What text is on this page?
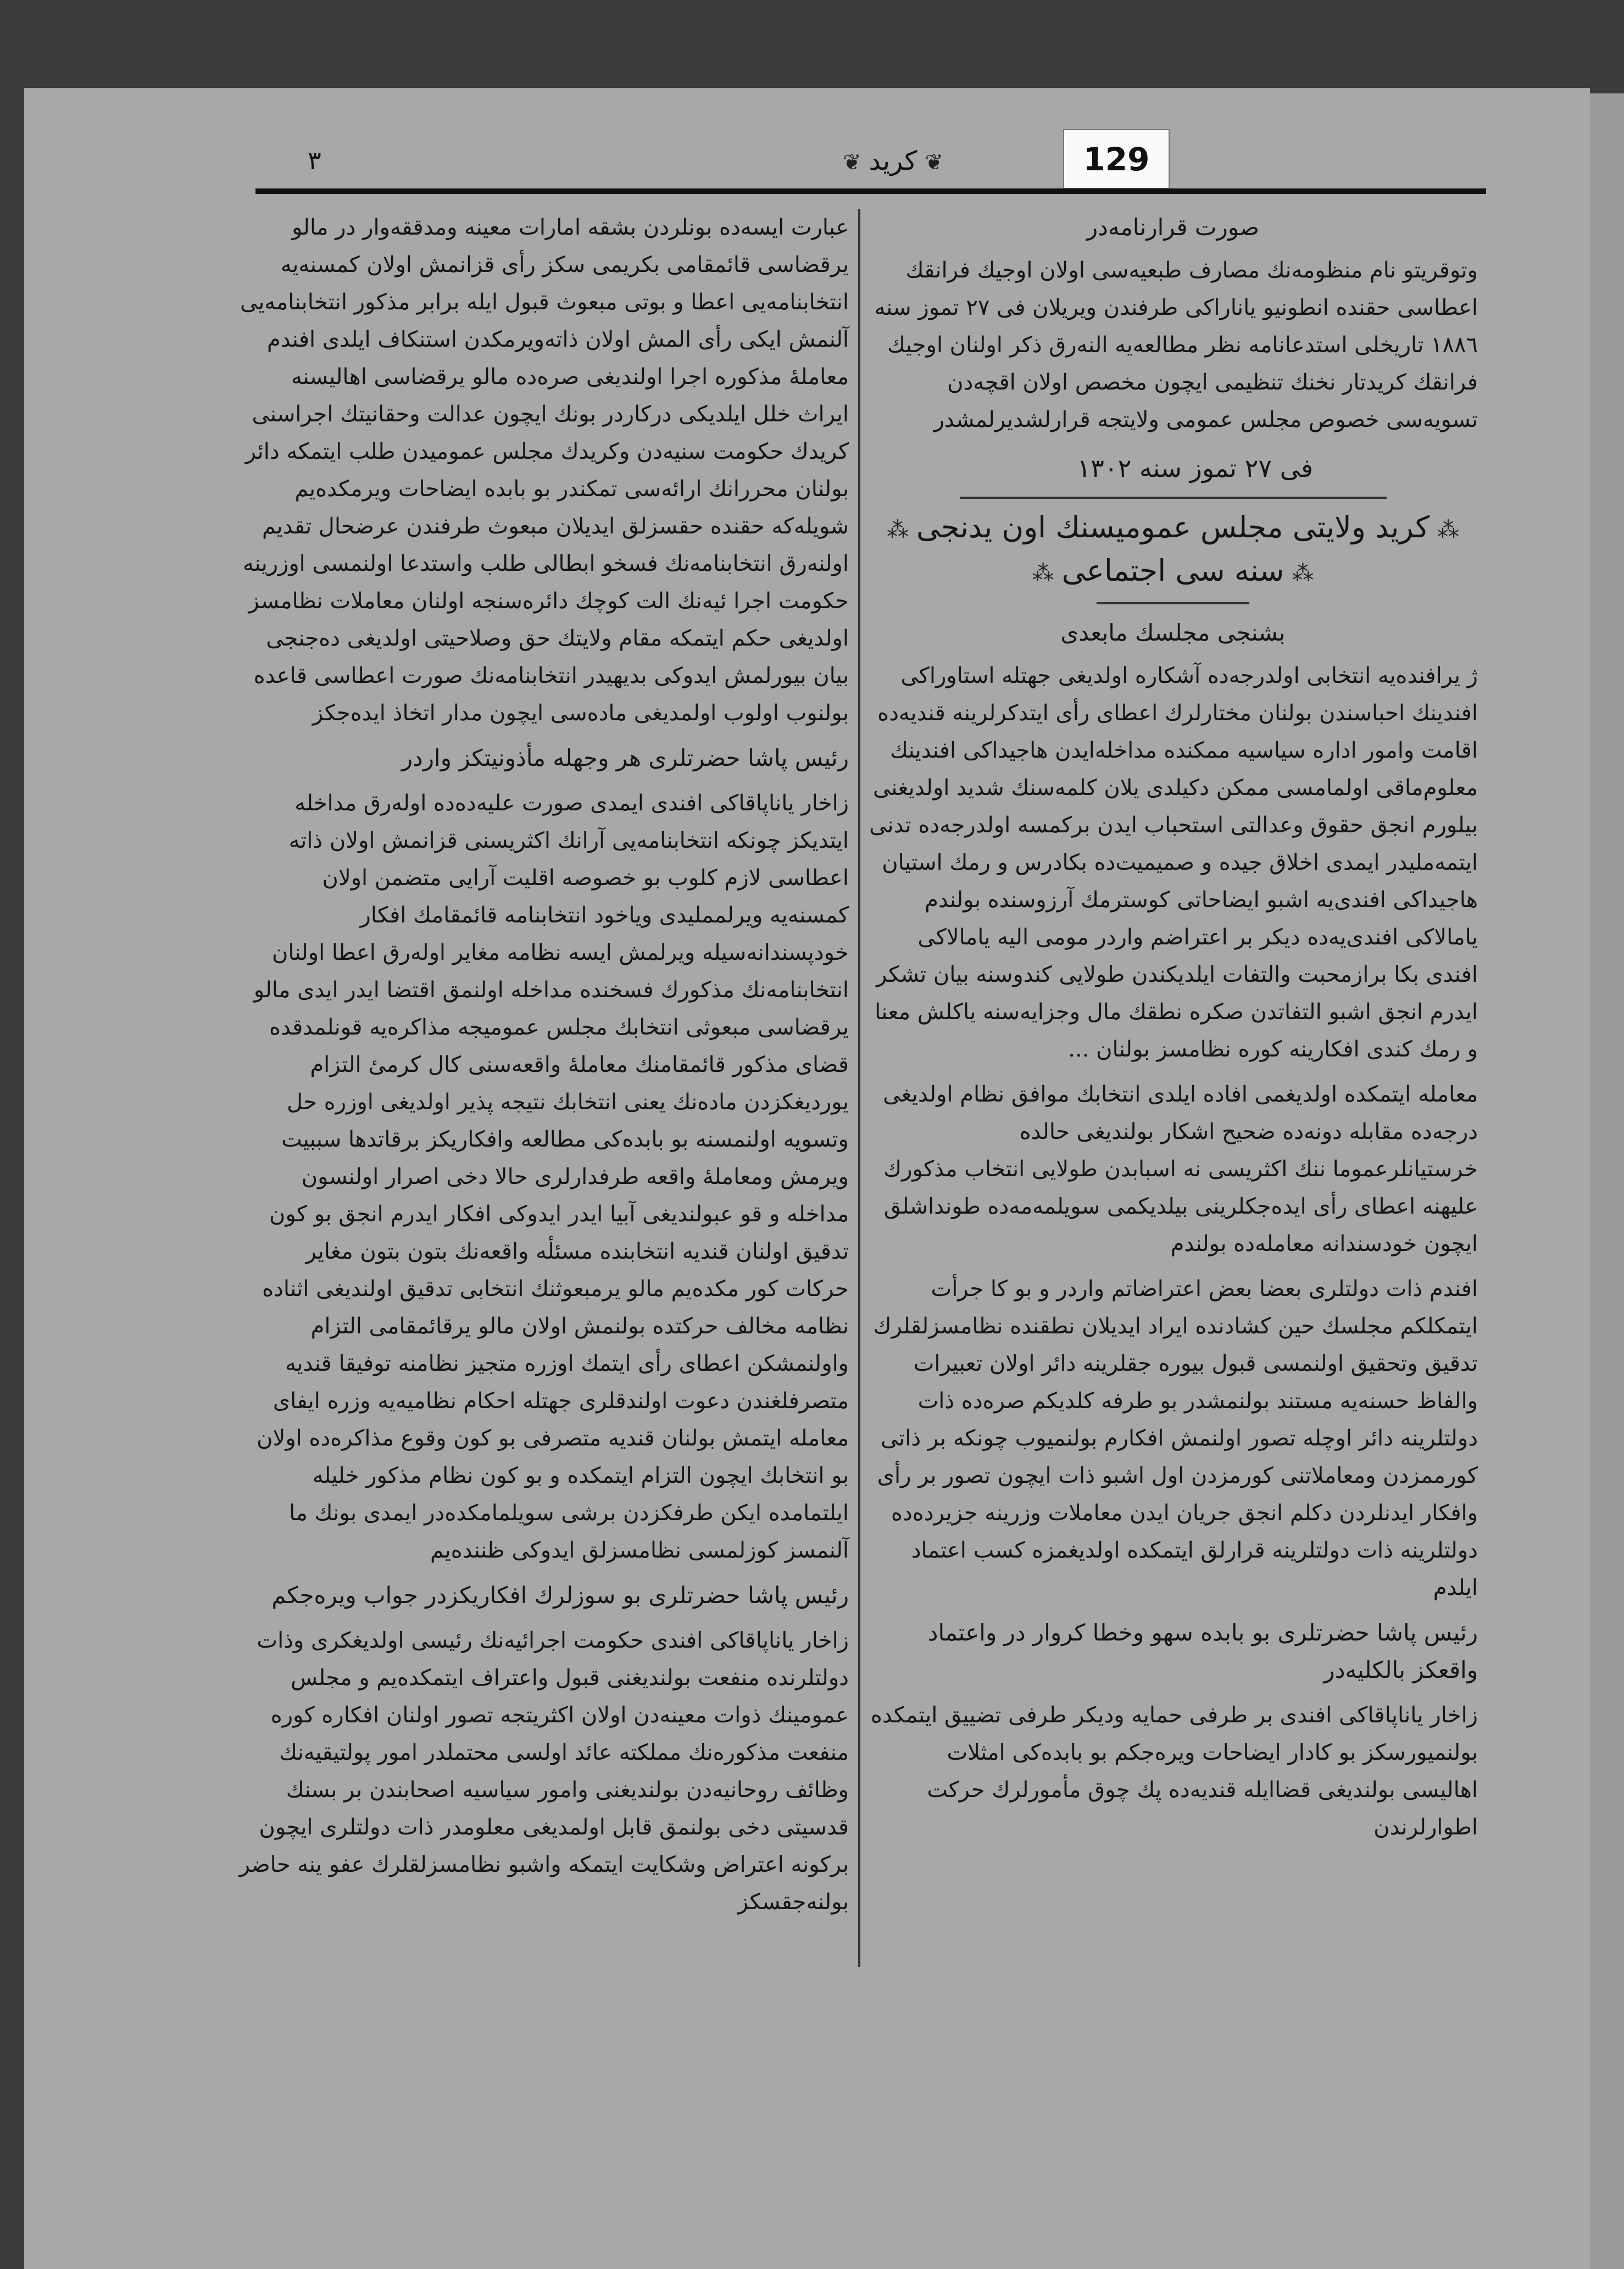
٣	❦كريد❦	129
صورت قرارنامه‌در

وتوقریتو نام منظومه‌نك مصارف طبعیه‌سی اولان اوجیك فرانقك اعطاسی حقنده انطونیو یاناراكی طرفندن ویریلان فی ٢٧ تموز سنه ١٨٨٦ تاریخلی استدعانامه نظر مطالعه‌یه النه‌رق ذكر اولنان اوجیك فرانقك كریدتار نخنك تنظیمی ایچون مخصص اولان اقچه‌دن تسویه‌سی خصوص مجلس عمومی‌ ولایتجه قرارلشدیرلمشدر

فی ٢٧ تموز سنه ١٣٠٢
⁂كريد ولايتى مجلس عموميسنك اون يدنجى⁂
⁂سنه سى اجتماعى⁂
بشنجى مجلسك مابعدى

ژ یرافنده‌یه انتخابی اولدرجه‌ده آشكاره اولدیغی جهتله استاوراكی افندینك احباسندن بولنان مختارلرك اعطای رأی ایتدكرلرینه قندیه‌ده اقامت وامور اداره‌ سیاسیه‌ ممكنده مداخله‌ایدن هاجیداكی افندینك معلوم‌ماقی اولمامسی ممكن دكیلدی یلان كلمه‌سنك شدید اولدیغنی بیلورم انجق حقوق وعدالتی استحباب ایدن بركمسه اولدرجه‌ده تدنی ایتمه‌ملیدر ایمدی اخلاق جیده‌ و صمیمیت‌ده بكادرس و رمك استیان هاجیداكی افندی‌یه اشبو ایضاحاتی كوسترمك آرزوسنده بولندم یامالاكی افندی‌یه‌ده‌ دیكر بر اعتراضم واردر مومی الیه یامالاكی افندی بكا برازمحبت والتفات ایلدیكندن طولایی كندوسنه بیان تشكر ایدرم انجق اشبو التفاتدن صكره نطقك مال وجزایه‌سنه یاكلش معنا و رمك كندی افكارینه كوره نظامسز بولنان ...

معامله ایتمكده اولدیغمی افاده ایلدی انتخابك موافق نظام اولدیغی درجه‌ده مقابله دونه‌ده ضحیح اشكار بولندیغی حالده خرستیانلرعموما ننك اكثریسی نه اسبابدن طولایی انتخاب مذكورك علیهنه اعطای رأی ایده‌جكلرینی بیلدیكمی سویلمه‌مه‌ده‌ طونداشلق ایچون خودسندانه معامله‌ده بولندم

افندم ذات دولتلری بعضا بعض اعتراضاتم واردر و بو كا جرأت ایتمكلكم مجلسك حین كشادنده ایراد ایدیلان نطقنده نظامسزلقلرك تدقیق وتحقیق اولنمسی قبول بیوره جقلرینه دائر اولان تعبیرات والفاظ حسنه‌یه مستند بولنمشدر بو طرفه‌ كلدیكم صره‌ده ذات دولتلرینه دائر اوچله تصور اولنمش افكارم بولنمیوب چونكه بر ذاتی كورممزدن ومعاملاتنی كورمزدن اول اشبو ذات ایچون تصور بر رأی وافكار ایدنلردن دكلم انجق جریان ایدن معاملات وزرینه جزیرده‌ده دولتلرینه ذات دولتلرینه قرارلق ایتمكده اولدیغمزه كسب اعتماد ایلدم

رئیس پاشا حضرتلری بو بابده‌ سهو وخطا كروار در واعتماد واقعكز بالكلیه‌در

زاخار یاناپاقاكی افندی بر طرفی حمایه ودیكر طرفی تضییق ایتمكده بولنمیورسكز بو كادار ایضاحات ویره‌جكم بو بابده‌كی امثلات اهالیسی بولندیغی قضاایله قندیه‌ده پك چوق مأمورلرك حركت اطوارلرندن

عبارت ایسه‌ده بونلردن بشقه امارات معینه ومدققه‌وار در مالو یرقضاسی قائمقامی بكریمی سكز رأی قزانمش اولان كمسنه‌یه انتخابنامه‌یی اعطا و بوتی مبعوث قبول ایله برابر مذكور انتخابنامه‌یی آلنمش ایکی رأی المش اولان ذاته‌ویرمكدن استنكاف ایلدی افندم معامله‌ٔ مذكوره اجرا اولندیغی صره‌ده مالو یرقضاسی اهالیسنه ایراث خلل ایلدیكی دركاردر بونك ایچون عدالت وحقانیتك اجراسنی كریدك حكومت سنیه‌دن وكریدك مجلس عمومیدن طلب ایتمكه دائر بولنان محررانك ارائه‌سی تمكندر بو بابده ایضاحات ویرمكده‌یم شویله‌كه حقنده حقسزلق ایدیلان مبعوث طرفندن عرضحال تقدیم اولنه‌رق انتخابنامه‌نك فسخو ابطالی طلب واستدعا اولنمسی اوزرینه حكومت اجرا ئیه‌نك الت كوچك دائره‌سنجه اولنان معاملات نظامسز اولدیغی حكم ایتمكه مقام ولایتك حق وصلاحیتی اولدیغی ده‌جنجی بیان بیورلمش ایدوكی بدیهیدر انتخابنامه‌نك صورت اعطاسی قاعده‌ بولنوب اولوب اولمدیغی ماده‌سی ایچون مدار اتخاذ ایده‌جكز

رئیس پاشا حضرتلری هر وجهله مأذونیتكز واردر

زاخار یاناپاقاكی افندی ایمدی صورت علیه‌ده‌ده اوله‌رق مداخله ایتدیكز چونكه انتخابنامه‌یی آرانك اكثریسنی قزانمش اولان ذاته اعطاسی لازم كلوب بو خصوصه اقلیت آرایی متضمن اولان كمسنه‌یه ویرلمملیدی ویاخود انتخابنامه قائمقامك افكار خودپسندانه‌سیله ویرلمش ایسه نظامه مغایر اوله‌رق اعطا اولنان انتخابنامه‌نك مذكورك فسخنده مداخله اولنمق اقتضا ایدر ایدی مالو یرقضاسی مبعوثی انتخابك مجلس عمومیجه مذاكره‌یه قونلمدقده قضای مذكور قائمقامنك معامله‌ٔ واقعه‌سنی كال كرمیٔ التزام یوردیغكزدن ماده‌نك یعنی انتخابك نتیجه پذیر اولدیغی اوزره حل وتسویه اولنمسنه بو بابده‌كی مطالعه وافكاریكز برقاتدها سببیت ویرمش ومعامله‌ٔ واقعه طرفدارلری حالا دخی اصرار اولنسون مداخله و قو عبولندیغی آبیا ایدر ایدوكی افكار ایدرم انجق بو كون تدقیق اولنان قندیه انتخابنده مسئلٔه واقعه‌نك بتون بتون مغایر حركات كور مكده‌یم مالو یرمبعوثنك انتخابی تدقیق اولندیغی اثناده نظامه مخالف حركتده بولنمش اولان مالو یرقائمقامی التزام واولنمشكن اعطای رأی ایتمك اوزره متجیز نظامنه توفیقا قندیه متصرفلغندن دعوت اولندقلری جهتله احكام نظامیه‌یه وزره ایفای معامله ایتمش بولنان قندیه متصرفی بو كون وقوع مذاكره‌ده اولان بو انتخابك ایچون التزام ایتمكده و بو كون نظام مذكور خلیله ایلتمامده ایکن طرفكزدن برشی سویلمامكده‌در ایمدی بونك ما آلنمسز كوزلمسی نظامسزلق ایدوكی ظننده‌یم

رئیس پاشا حضرتلری بو سوزلرك افكاریكزدر جواب ویره‌جكم

زاخار یاناپاقاكی افندی حكومت اجرائیه‌نك رئیسی اولدیغكری وذات دولتلرنده منفعت بولندیغنی قبول واعتراف ایتمكده‌یم و مجلس عمومینك ذوات معینه‌دن اولان اكثریتجه تصور اولنان افكاره كوره منفعت مذكوره‌نك مملكته عائد اولسی محتملدر امور پولتیقیه‌نك وظائف روحانیه‌دن بولندیغنی وامور سیاسیه اصحابندن بر بسنك قدسیتی دخی بولنمق قابل اولمدیغی معلومدر ذات دولتلری ایچون بركونه اعتراض وشكایت ایتمكه واشبو نظامسزلقلرك عفو ینه حاضر بولنه‌جقسكز
